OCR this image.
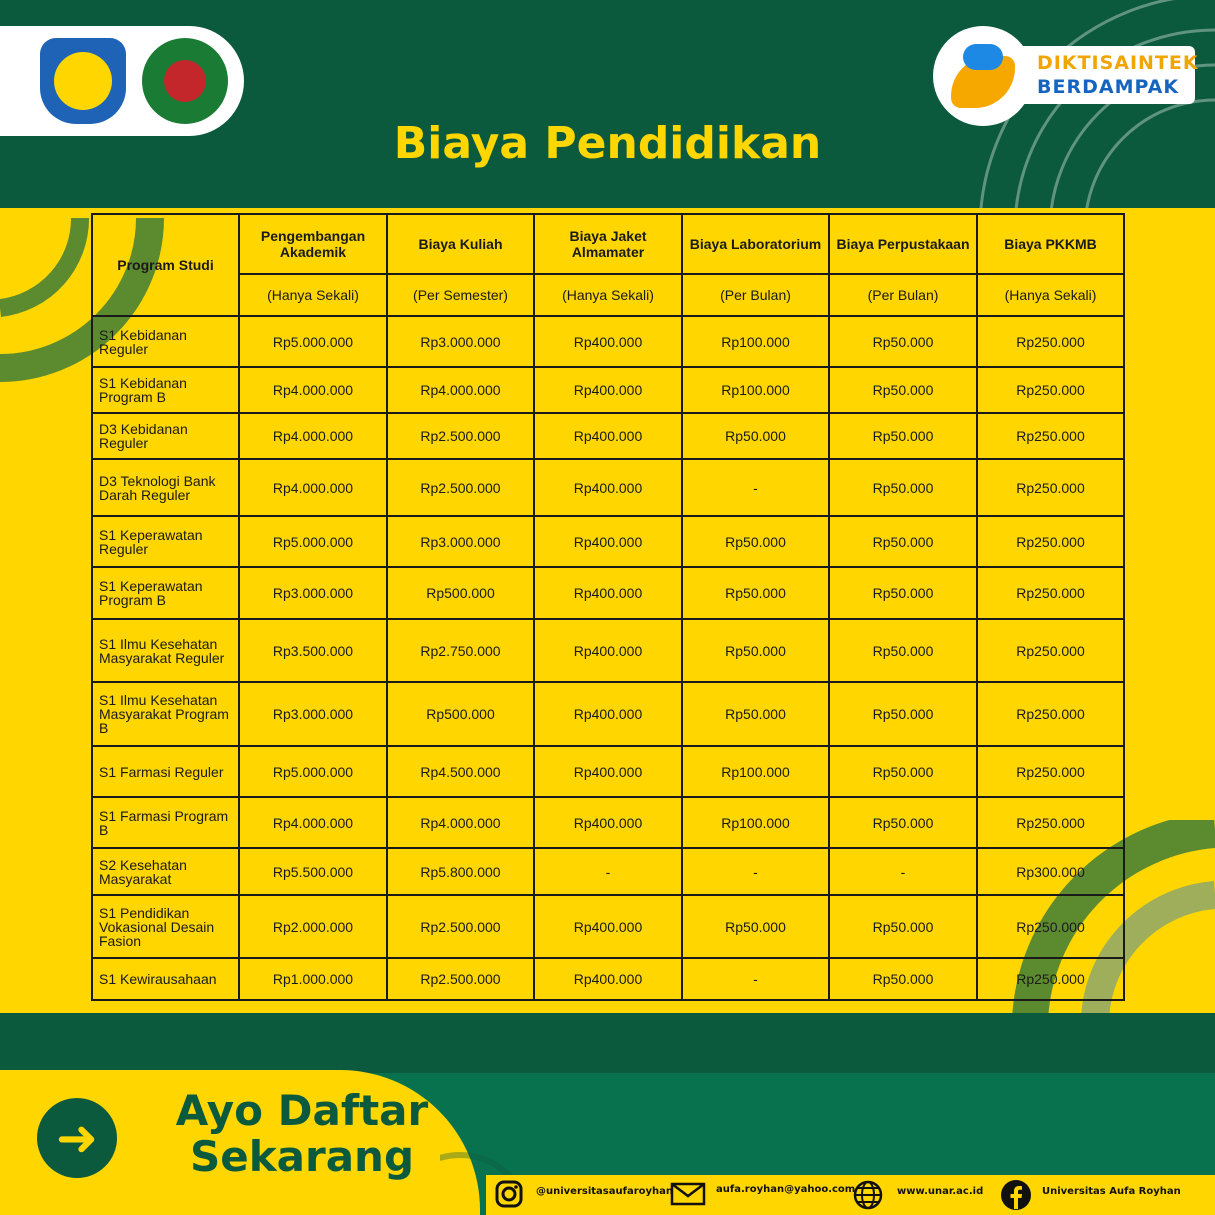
DIKTISAINTEK
BERDAMPAK
Biaya Pendidikan
Program Studi	Pengembangan Akademik	Biaya Kuliah	Biaya Jaket Almamater	Biaya Laboratorium	Biaya Perpustakaan	Biaya PKKMB
	(Hanya Sekali)	(Per Semester)	(Hanya Sekali)	(Per Bulan)	(Per Bulan)	(Hanya Sekali)
S1 Kebidanan Reguler	Rp5.000.000	Rp3.000.000	Rp400.000	Rp100.000	Rp50.000	Rp250.000
S1 Kebidanan Program B	Rp4.000.000	Rp4.000.000	Rp400.000	Rp100.000	Rp50.000	Rp250.000
D3 Kebidanan Reguler	Rp4.000.000	Rp2.500.000	Rp400.000	Rp50.000	Rp50.000	Rp250.000
D3 Teknologi Bank Darah Reguler	Rp4.000.000	Rp2.500.000	Rp400.000	-	Rp50.000	Rp250.000
S1 Keperawatan Reguler	Rp5.000.000	Rp3.000.000	Rp400.000	Rp50.000	Rp50.000	Rp250.000
S1 Keperawatan Program B	Rp3.000.000	Rp500.000	Rp400.000	Rp50.000	Rp50.000	Rp250.000
S1 Ilmu Kesehatan Masyarakat Reguler	Rp3.500.000	Rp2.750.000	Rp400.000	Rp50.000	Rp50.000	Rp250.000
S1 Ilmu Kesehatan Masyarakat Program B	Rp3.000.000	Rp500.000	Rp400.000	Rp50.000	Rp50.000	Rp250.000
S1 Farmasi Reguler	Rp5.000.000	Rp4.500.000	Rp400.000	Rp100.000	Rp50.000	Rp250.000
S1 Farmasi Program B	Rp4.000.000	Rp4.000.000	Rp400.000	Rp100.000	Rp50.000	Rp250.000
S2 Kesehatan Masyarakat	Rp5.500.000	Rp5.800.000	-	-	-	Rp300.000
S1 Pendidikan Vokasional Desain Fasion	Rp2.000.000	Rp2.500.000	Rp400.000	Rp50.000	Rp50.000	Rp250.000
S1 Kewirausahaan	Rp1.000.000	Rp2.500.000	Rp400.000	-	Rp50.000	Rp250.000
➜	Ayo Daftar
Sekarang
@universitasaufaroyhan	aufa.royhan@yahoo.com	www.unar.ac.id	Universitas Aufa Royhan
